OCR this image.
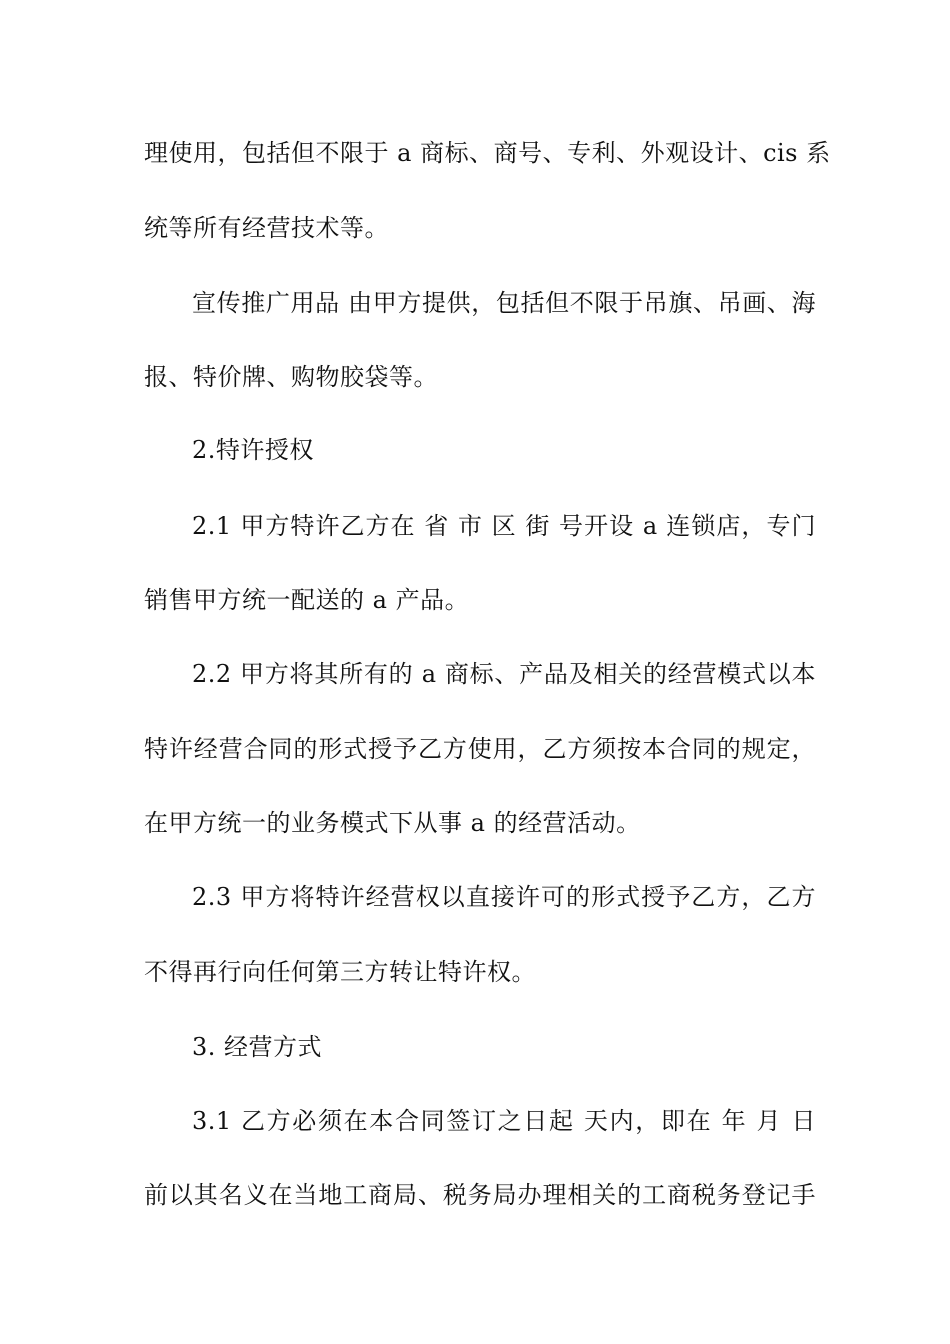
理使用，包括但不限于 a 商标、商号、专利、外观设计、cis 系
统等所有经营技术等。
宣传推广用品 由甲方提供，包括但不限于吊旗、吊画、海
报、特价牌、购物胶袋等。
2.特许授权
2.1 甲方特许乙方在 省 市 区 街 号开设 a 连锁店，专门
销售甲方统一配送的 a 产品。
2.2 甲方将其所有的 a 商标、产品及相关的经营模式以本
特许经营合同的形式授予乙方使用，乙方须按本合同的规定，
在甲方统一的业务模式下从事 a 的经营活动。
2.3 甲方将特许经营权以直接许可的形式授予乙方，乙方
不得再行向任何第三方转让特许权。
3. 经营方式
3.1 乙方必须在本合同签订之日起 天内，即在 年 月 日
前以其名义在当地工商局、税务局办理相关的工商税务登记手
